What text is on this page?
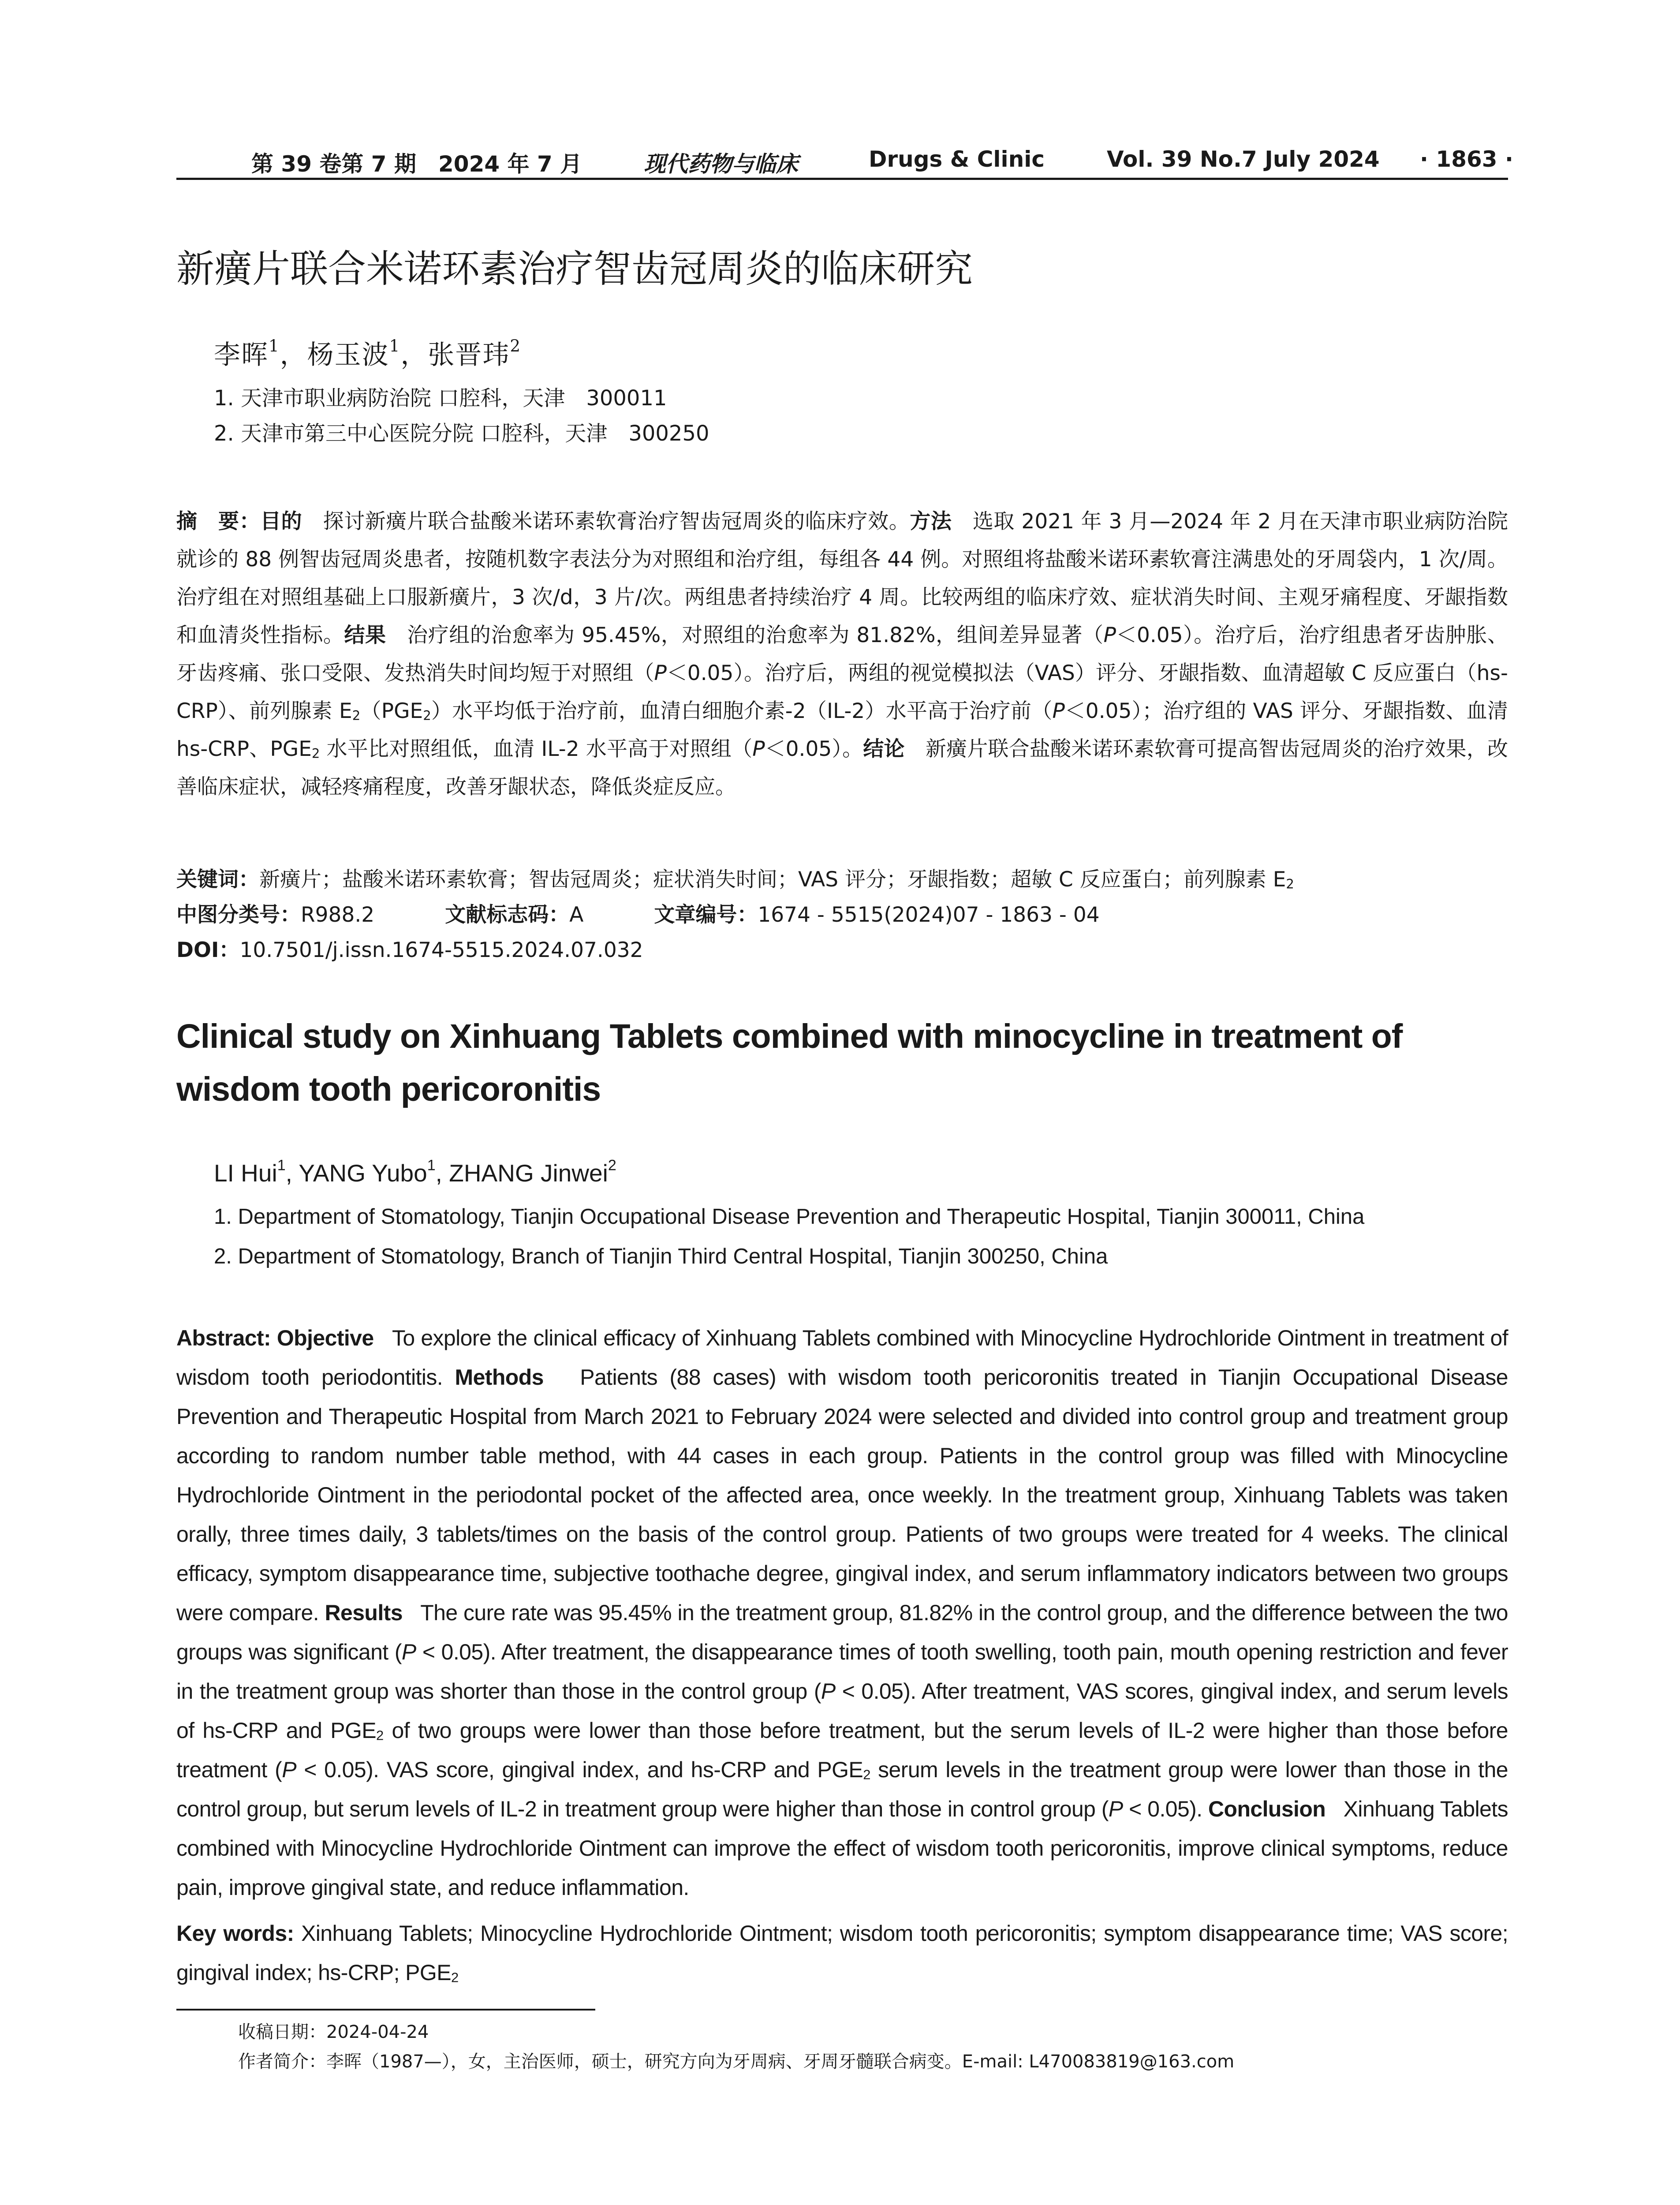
第 39 卷第 7 期　2024 年 7 月	现代药物与临床	Drugs & Clinic	Vol. 39 No.7 July 2024 · 1863 ·
新癀片联合米诺环素治疗智齿冠周炎的临床研究
李晖$^1$，杨玉波$^1$，张晋玮$^2$
1. 天津市职业病防治院 口腔科，天津　300011
2. 天津市第三中心医院分院 口腔科，天津　300250
摘　要：目的　 探讨新癀片联合盐酸米诺环素软膏治疗智齿冠周炎的临床疗效。方法　 选取 2021 年 3 月—2024 年 2 月在天津市职业病防治院就诊的 88 例智齿冠周炎患者，按随机数字表法分为对照组和治疗组，每组各 44 例。对照组将盐酸米诺环素软膏注满患处的牙周袋内，1 次/周。治疗组在对照组基础上口服新癀片，3 次/d，3 片/次。两组患者持续治疗 4 周。比较两组的临床疗效、症状消失时间、主观牙痛程度、牙龈指数和血清炎性指标。结果　 治疗组的治愈率为 95.45%，对照组的治愈率为 81.82%，组间差异显著（P＜0.05）。治疗后，治疗组患者牙齿肿胀、牙齿疼痛、张口受限、发热消失时间均短于对照组（P＜0.05）。治疗后，两组的视觉模拟法（VAS）评分、牙龈指数、血清超敏 C 反应蛋白（hs-CRP）、前列腺素 $E_2(PGE_2)$水平均低于治疗前，血清白细胞介素-2（IL-2）水平高于治疗前（P＜0.05）；治疗组的 VAS 评分、牙龈指数、血清 hs-CRP、$PGE_2$ 水平比对照组低，血清 IL-2 水平高于对照组（P＜0.05）。结论　 新癀片联合盐酸米诺环素软膏可提高智齿冠周炎的治疗效果，改善临床症状，减轻疼痛程度，改善牙龈状态，降低炎症反应。
关键词：新癀片；盐酸米诺环素软膏；智齿冠周炎；症状消失时间；VAS 评分；牙龈指数；超敏 C 反应蛋白；前列腺素 $E_2$
中图分类号：R988.2	文献标志码：A	文章编号：1674 - 5515(2024)07 - 1863 - 04
DOI：10.7501/j.issn.1674-5515.2024.07.032
Clinical study on Xinhuang Tablets combined with minocycline in treatment of wisdom tooth pericoronitis
LI Hui$^1$, YANG Yubo$^1$, ZHANG Jinwei$^2$
1. Department of Stomatology, Tianjin Occupational Disease Prevention and Therapeutic Hospital, Tianjin 300011, China
2. Department of Stomatology, Branch of Tianjin Third Central Hospital, Tianjin 300250, China
Abstract: Objective To explore the clinical efficacy of Xinhuang Tablets combined with Minocycline Hydrochloride Ointment in treatment of wisdom tooth periodontitis. Methods Patients (88 cases) with wisdom tooth pericoronitis treated in Tianjin Occupational Disease Prevention and Therapeutic Hospital from March 2021 to February 2024 were selected and divided into control group and treatment group according to random number table method, with 44 cases in each group. Patients in the control group was filled with Minocycline Hydrochloride Ointment in the periodontal pocket of the affected area, once weekly. In the treatment group, Xinhuang Tablets was taken orally, three times daily, 3 tablets/times on the basis of the control group. Patients of two groups were treated for 4 weeks. The clinical efficacy, symptom disappearance time, subjective toothache degree, gingival index, and serum inflammatory indicators between two groups were compare. Results The cure rate was 95.45% in the treatment group, 81.82% in the control group, and the difference between the two groups was significant (P < 0.05). After treatment, the disappearance times of tooth swelling, tooth pain, mouth opening restriction and fever in the treatment group was shorter than those in the control group (P < 0.05). After treatment, VAS scores, gingival index, and serum levels of hs-CRP and $PGE_2$ of two groups were lower than those before treatment, but the serum levels of IL-2 were higher than those before treatment (P < 0.05). VAS score, gingival index, and hs-CRP and $PGE_2$ serum levels in the treatment group were lower than those in the control group, but serum levels of IL-2 in treatment group were higher than those in control group (P < 0.05). Conclusion Xinhuang Tablets combined with Minocycline Hydrochloride Ointment can improve the effect of wisdom tooth pericoronitis, improve clinical symptoms, reduce pain, improve gingival state, and reduce inflammation.
Key words: Xinhuang Tablets; Minocycline Hydrochloride Ointment; wisdom tooth pericoronitis; symptom disappearance time; VAS score; gingival index; hs-CRP; $PGE_2$
收稿日期：2024-04-24
作者简介：李晖（1987—），女，主治医师，硕士，研究方向为牙周病、牙周牙髓联合病变。E-mail: L470083819@163.com
